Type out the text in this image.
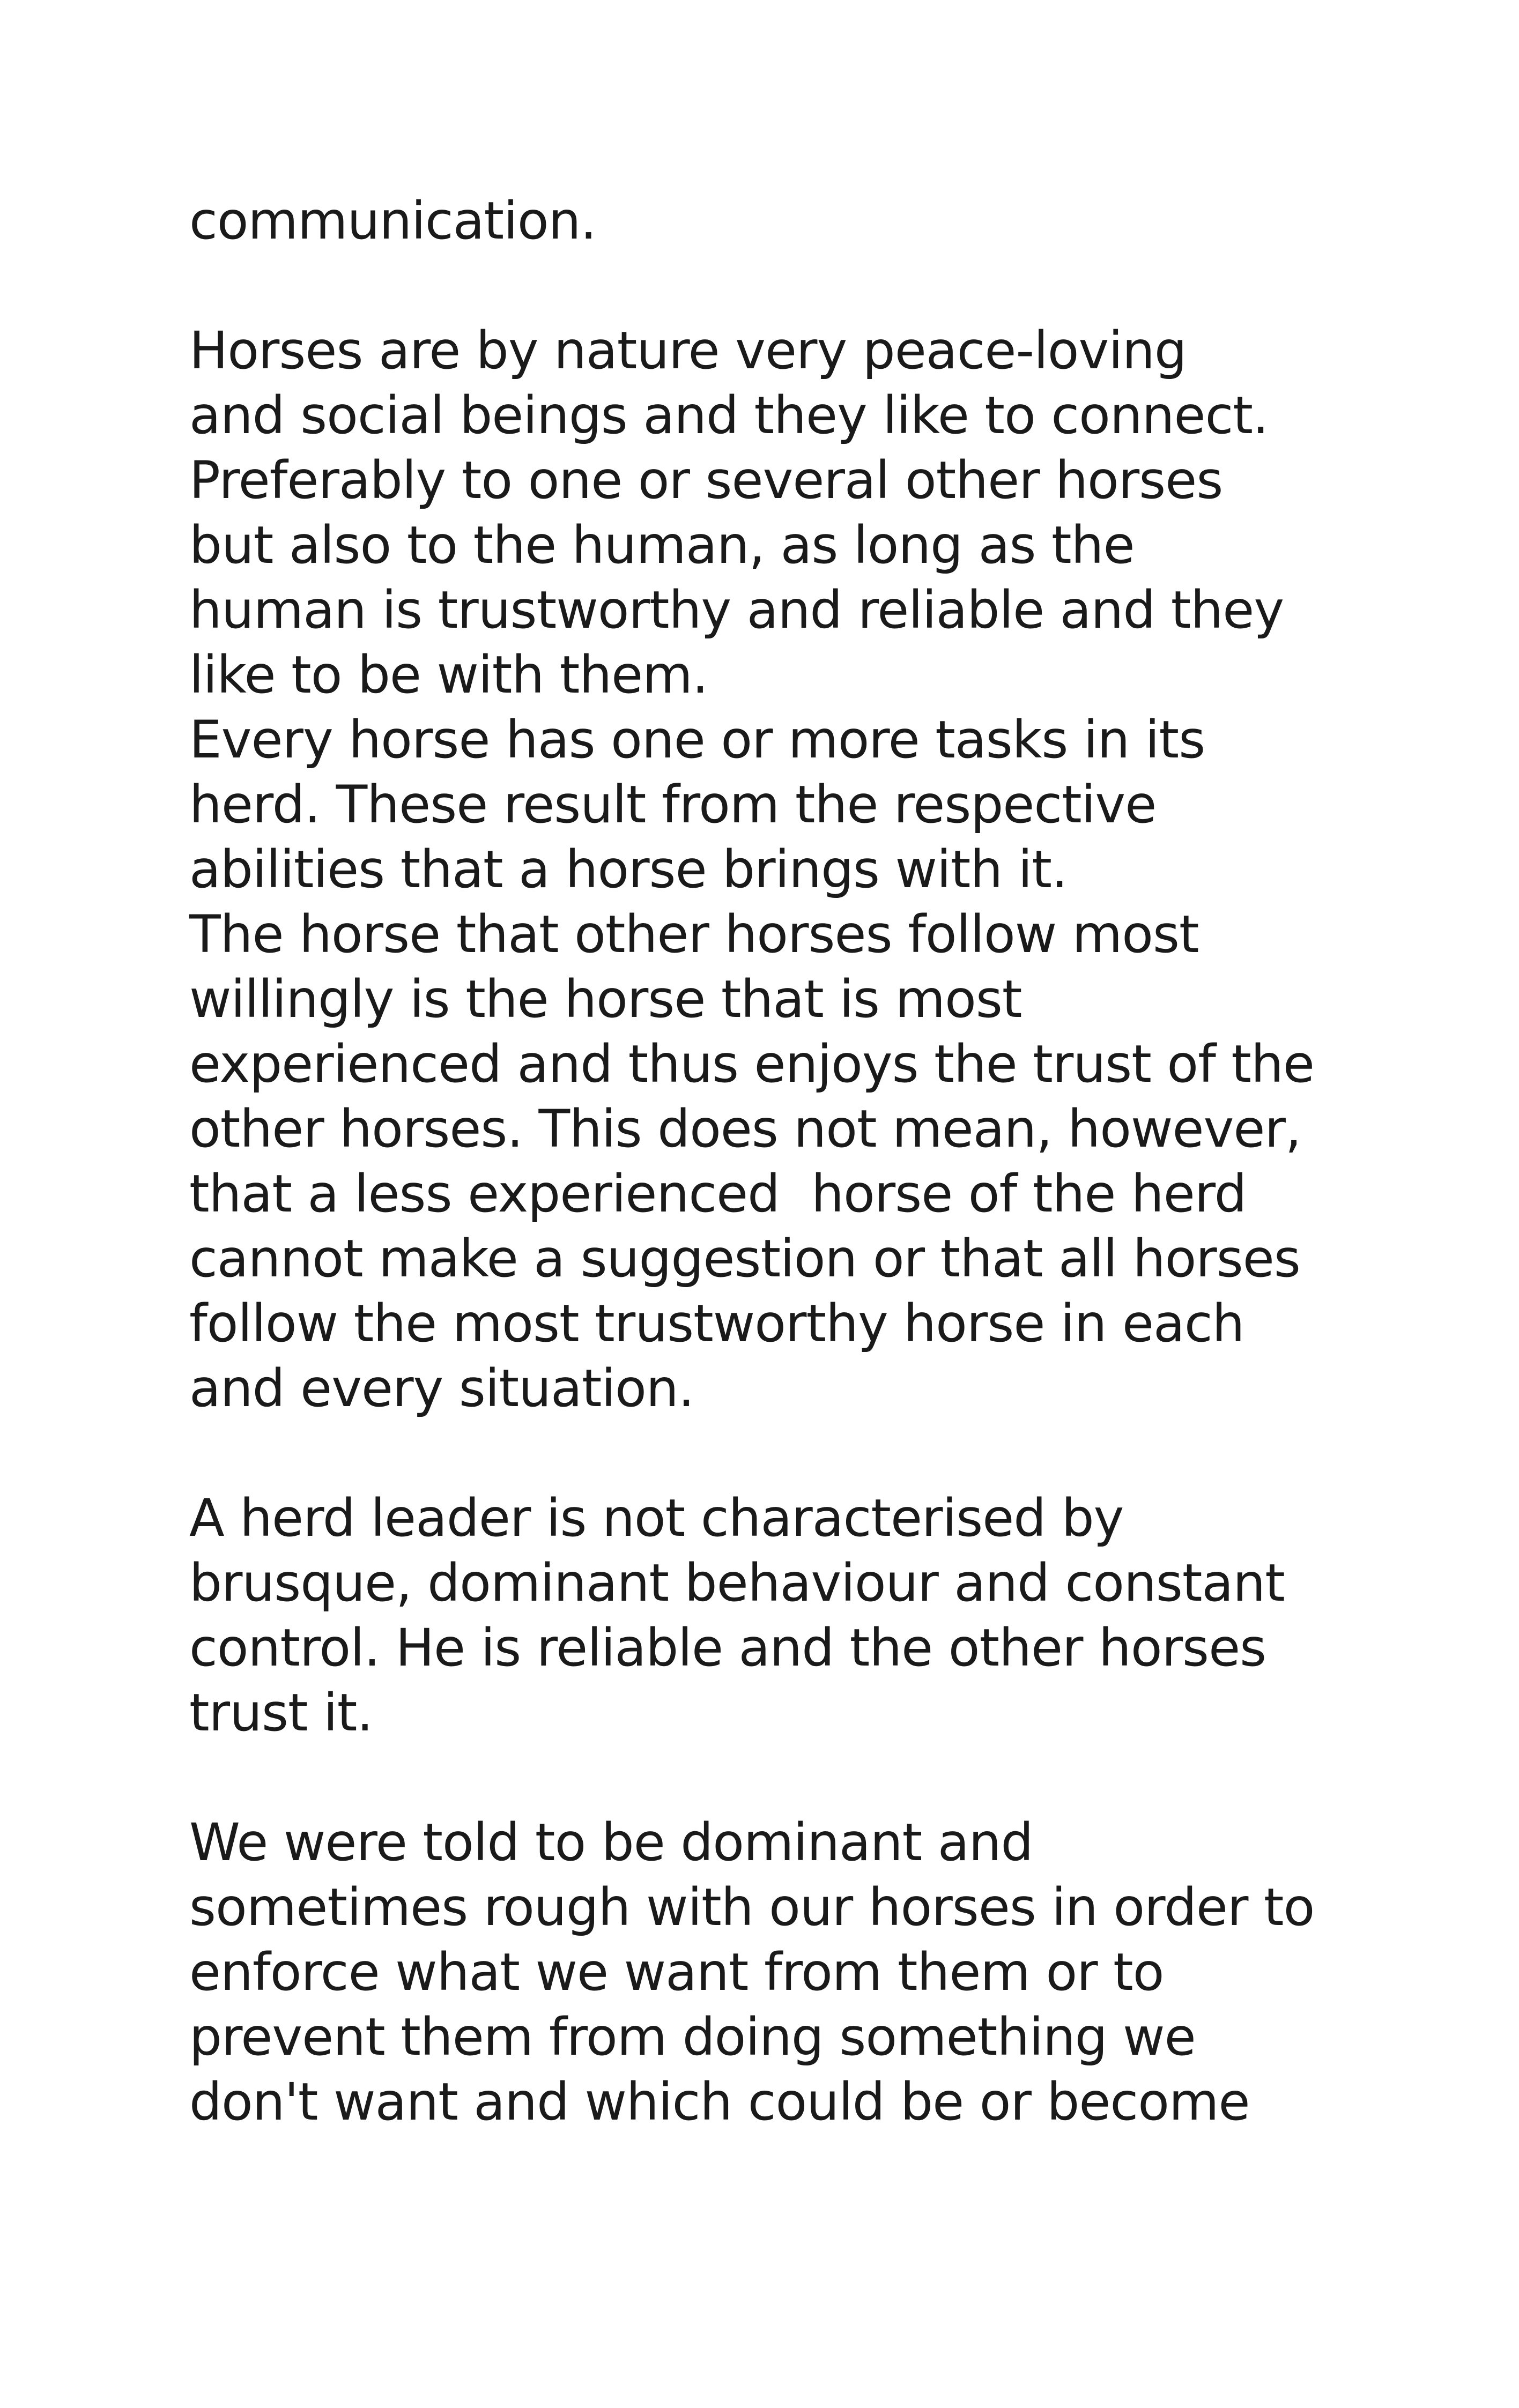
communication.
Horses are by nature very peace-loving
and social beings and they like to connect.
Preferably to one or several other horses
but also to the human, as long as the
human is trustworthy and reliable and they
like to be with them.
Every horse has one or more tasks in its
herd. These result from the respective
abilities that a horse brings with it.
The horse that other horses follow most
willingly is the horse that is most
experienced and thus enjoys the trust of the
other horses. This does not mean, however,
that a less experienced  horse of the herd
cannot make a suggestion or that all horses
follow the most trustworthy horse in each
and every situation.
A herd leader is not characterised by
brusque, dominant behaviour and constant
control. He is reliable and the other horses
trust it.
We were told to be dominant and
sometimes rough with our horses in order to
enforce what we want from them or to
prevent them from doing something we
don't want and which could be or become
